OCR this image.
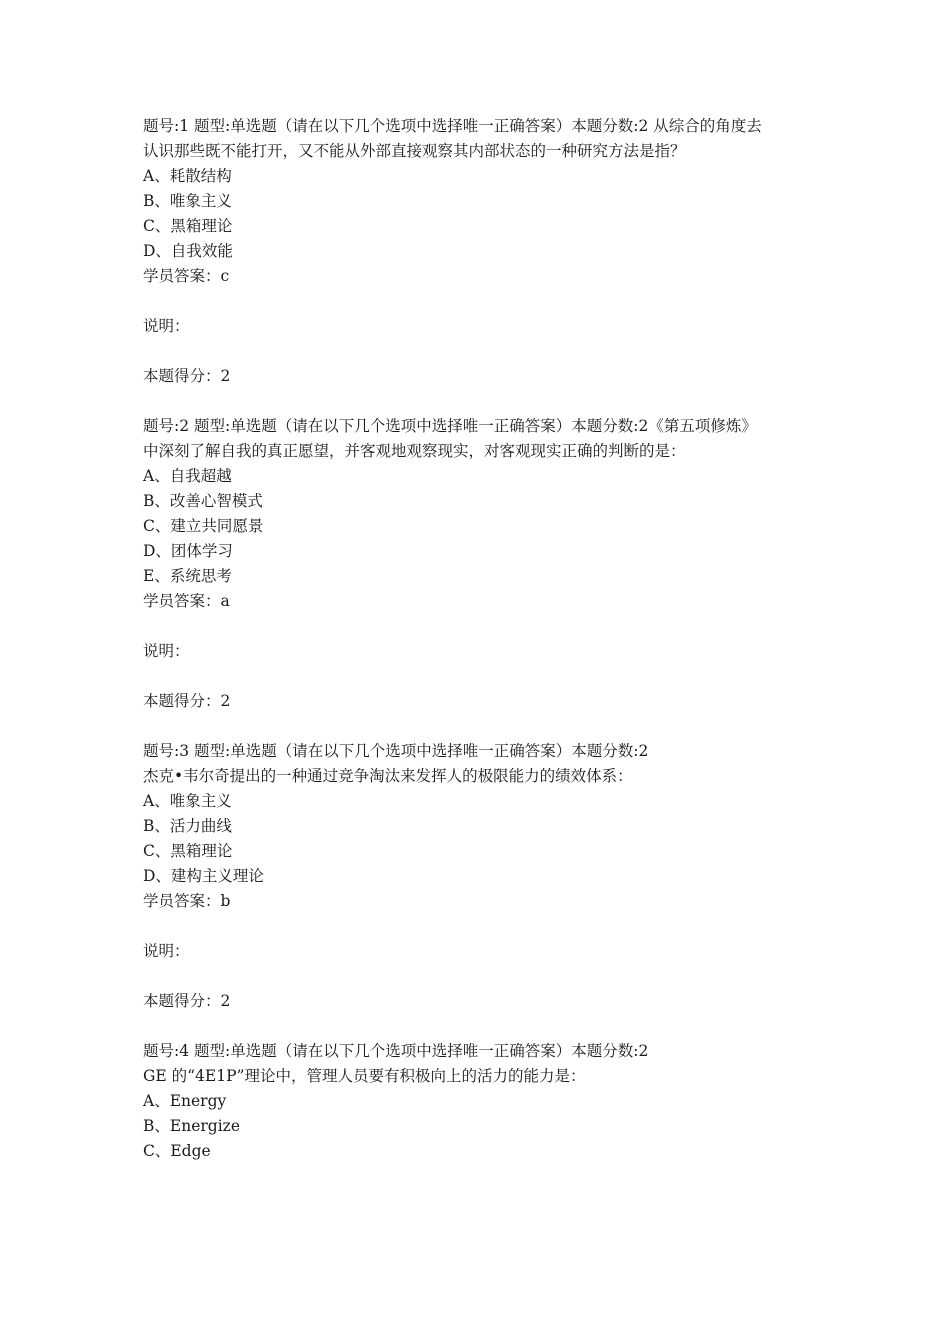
题号:1 题型:单选题（请在以下几个选项中选择唯一正确答案）本题分数:2 从综合的角度去
认识那些既不能打开，又不能从外部直接观察其内部状态的一种研究方法是指？
A、耗散结构
B、唯象主义
C、黑箱理论
D、自我效能
学员答案：c
说明：
本题得分：2
题号:2 题型:单选题（请在以下几个选项中选择唯一正确答案）本题分数:2《第五项修炼》
中深刻了解自我的真正愿望，并客观地观察现实，对客观现实正确的判断的是：
A、自我超越
B、改善心智模式
C、建立共同愿景
D、团体学习
E、系统思考
学员答案：a
说明：
本题得分：2
题号:3 题型:单选题（请在以下几个选项中选择唯一正确答案）本题分数:2
杰克•韦尔奇提出的一种通过竞争淘汰来发挥人的极限能力的绩效体系：
A、唯象主义
B、活力曲线
C、黑箱理论
D、建构主义理论
学员答案：b
说明：
本题得分：2
题号:4 题型:单选题（请在以下几个选项中选择唯一正确答案）本题分数:2
GE 的“4E1P”理论中，管理人员要有积极向上的活力的能力是：
A、Energy
B、Energize
C、Edge
